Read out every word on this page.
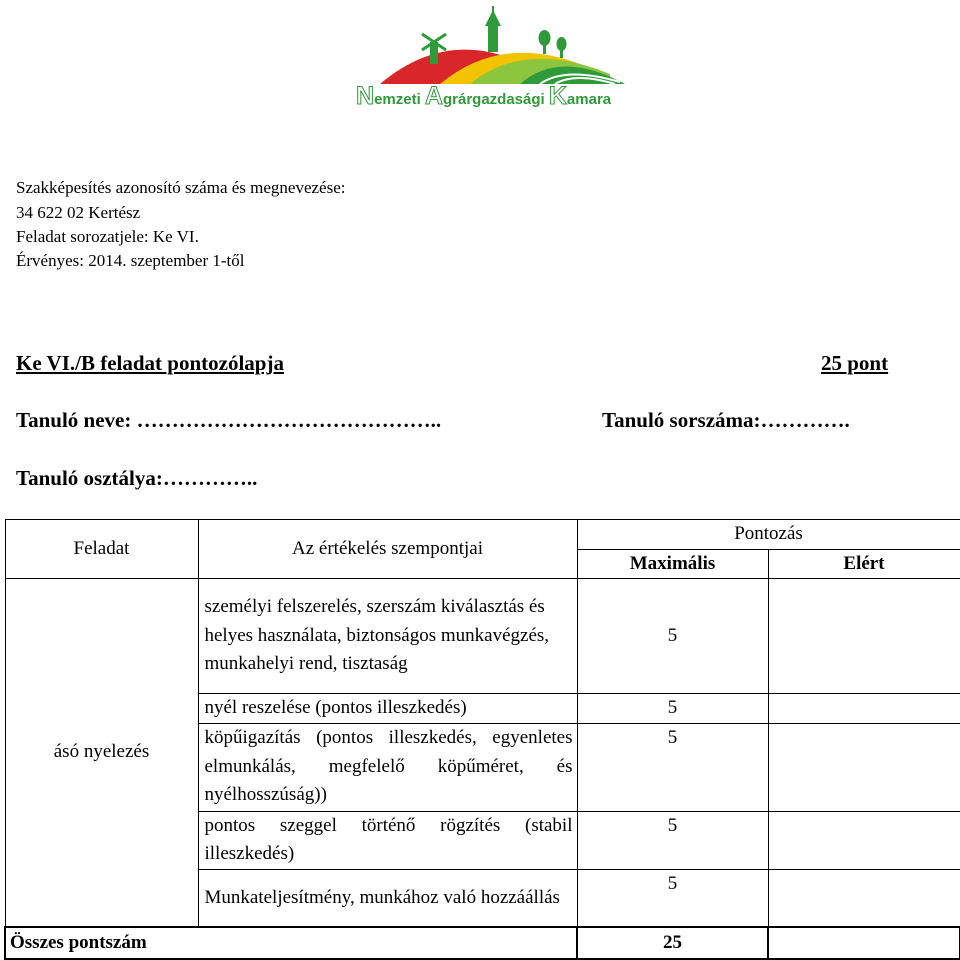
Nemzeti Agrárgazdasági Kamara
Szakképesítés azonosító száma és megnevezése:
34 622 02 Kertész
Feladat sorozatjele: Ke VI.
Érvényes: 2014. szeptember 1-től
Ke VI./B feladat pontozólapja	25 pont
Tanuló neve: ……………………………………..	Tanuló sorszáma:………….
Tanuló osztálya:…………..
Feladat	Az értékelés szempontjai	Pontozás	
		Maximális	Elért
ásó nyelezés	személyi felszerelés, szerszám kiválasztás és helyes használata, biztonságos munkavégzés, munkahelyi rend, tisztaság	5	
	nyél reszelése (pontos illeszkedés)	5	
	köpűigazítás (pontos illeszkedés, egyenletes elmunkálás, megfelelő köpűméret, és nyélhosszúság))	5	
	pontos szeggel történő rögzítés (stabil illeszkedés)	5	
	Munkateljesítmény, munkához való hozzáállás	5	
Összes pontszám		25	
